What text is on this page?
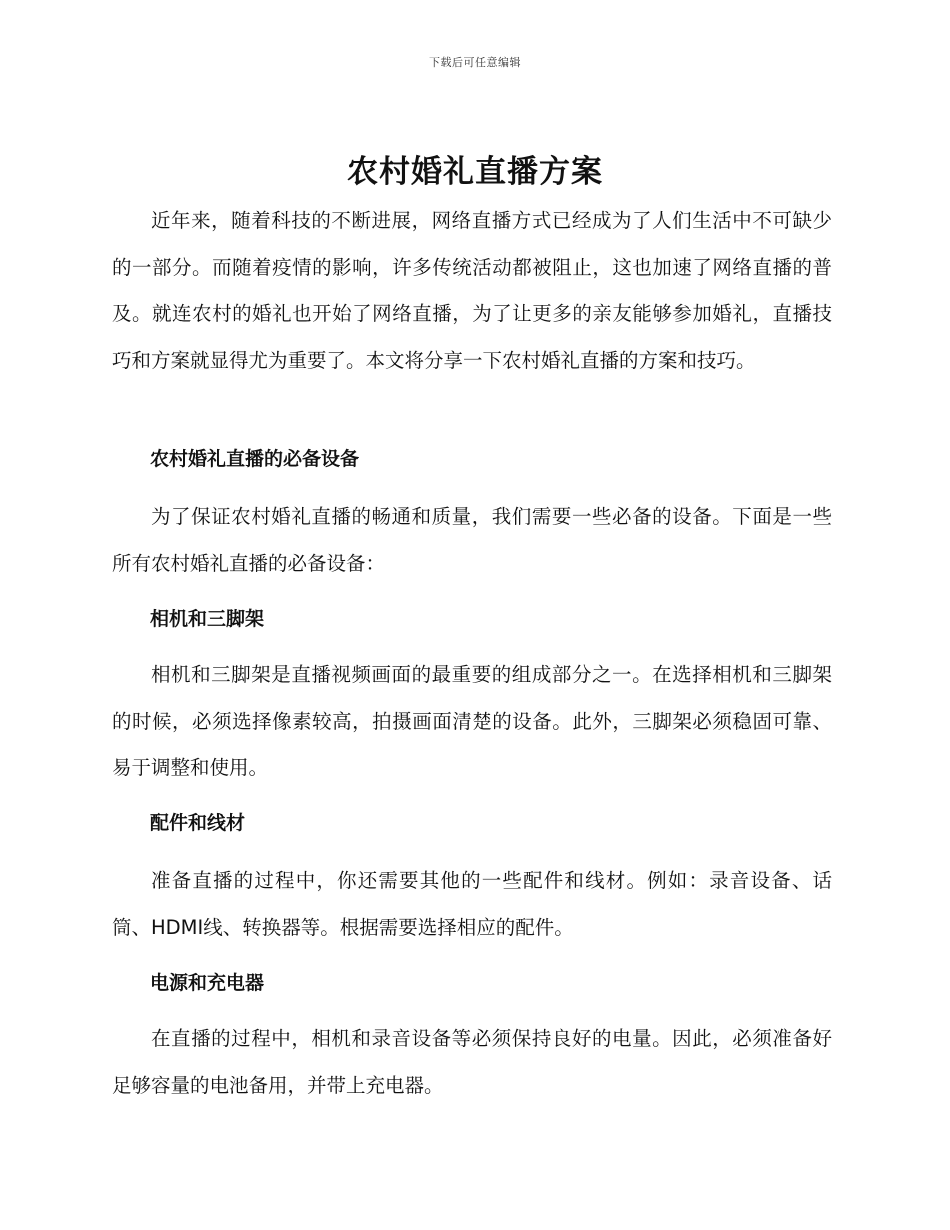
下载后可任意编辑
农村婚礼直播方案

近年来，随着科技的不断进展，网络直播方式已经成为了人们生活中不可缺少的一部分。而随着疫情的影响，许多传统活动都被阻止，这也加速了网络直播的普及。就连农村的婚礼也开始了网络直播，为了让更多的亲友能够参加婚礼，直播技巧和方案就显得尤为重要了。本文将分享一下农村婚礼直播的方案和技巧。

农村婚礼直播的必备设备

为了保证农村婚礼直播的畅通和质量，我们需要一些必备的设备。下面是一些所有农村婚礼直播的必备设备：

相机和三脚架

相机和三脚架是直播视频画面的最重要的组成部分之一。在选择相机和三脚架的时候，必须选择像素较高，拍摄画面清楚的设备。此外，三脚架必须稳固可靠、易于调整和使用。

配件和线材

准备直播的过程中，你还需要其他的一些配件和线材。例如：录音设备、话筒、HDMI线、转换器等。根据需要选择相应的配件。

电源和充电器

在直播的过程中，相机和录音设备等必须保持良好的电量。因此，必须准备好足够容量的电池备用，并带上充电器。
